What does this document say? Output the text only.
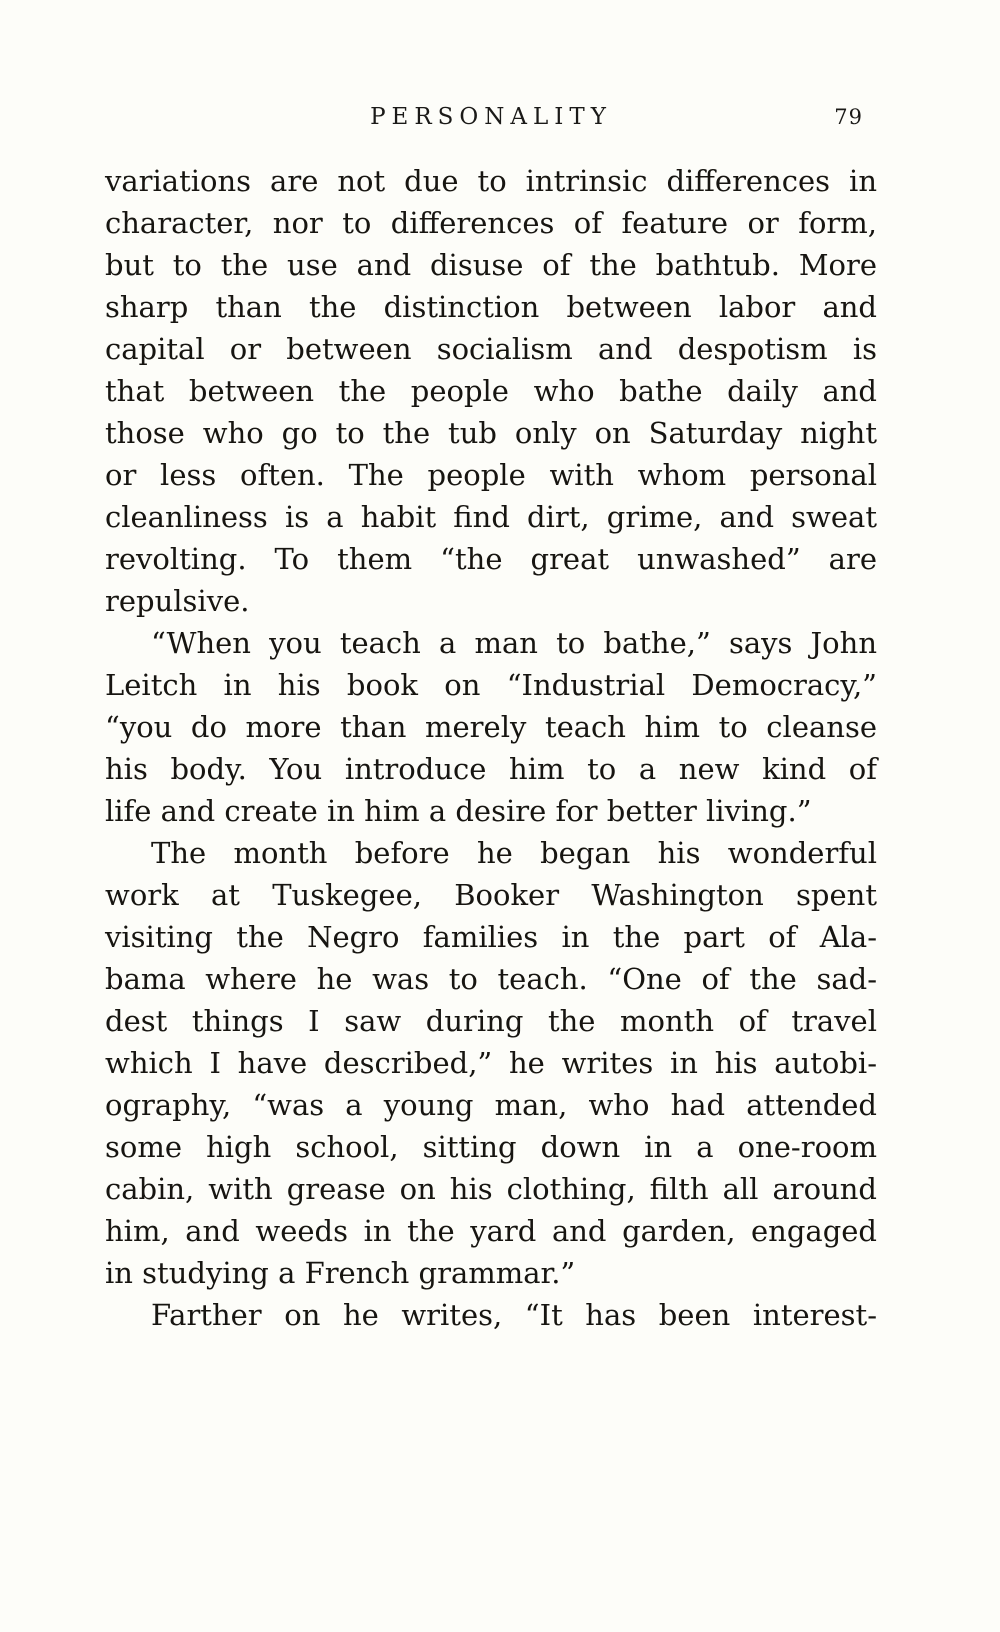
PERSONALITY	79
variations are not due to intrinsic differences in
character, nor to differences of feature or form,
but to the use and disuse of the bathtub. More
sharp than the distinction between labor and
capital or between socialism and despotism is
that between the people who bathe daily and
those who go to the tub only on Saturday night
or less often. The people with whom personal
cleanliness is a habit find dirt, grime, and sweat
revolting. To them “the great unwashed” are
repulsive.
“When you teach a man to bathe,” says John
Leitch in his book on “Industrial Democracy,”
“you do more than merely teach him to cleanse
his body. You introduce him to a new kind of
life and create in him a desire for better living.”
The month before he began his wonderful
work at Tuskegee, Booker Washington spent
visiting the Negro families in the part of Ala-
bama where he was to teach. “One of the sad-
dest things I saw during the month of travel
which I have described,” he writes in his autobi-
ography, “was a young man, who had attended
some high school, sitting down in a one-room
cabin, with grease on his clothing, filth all around
him, and weeds in the yard and garden, engaged
in studying a French grammar.”
Farther on he writes, “It has been interest-
